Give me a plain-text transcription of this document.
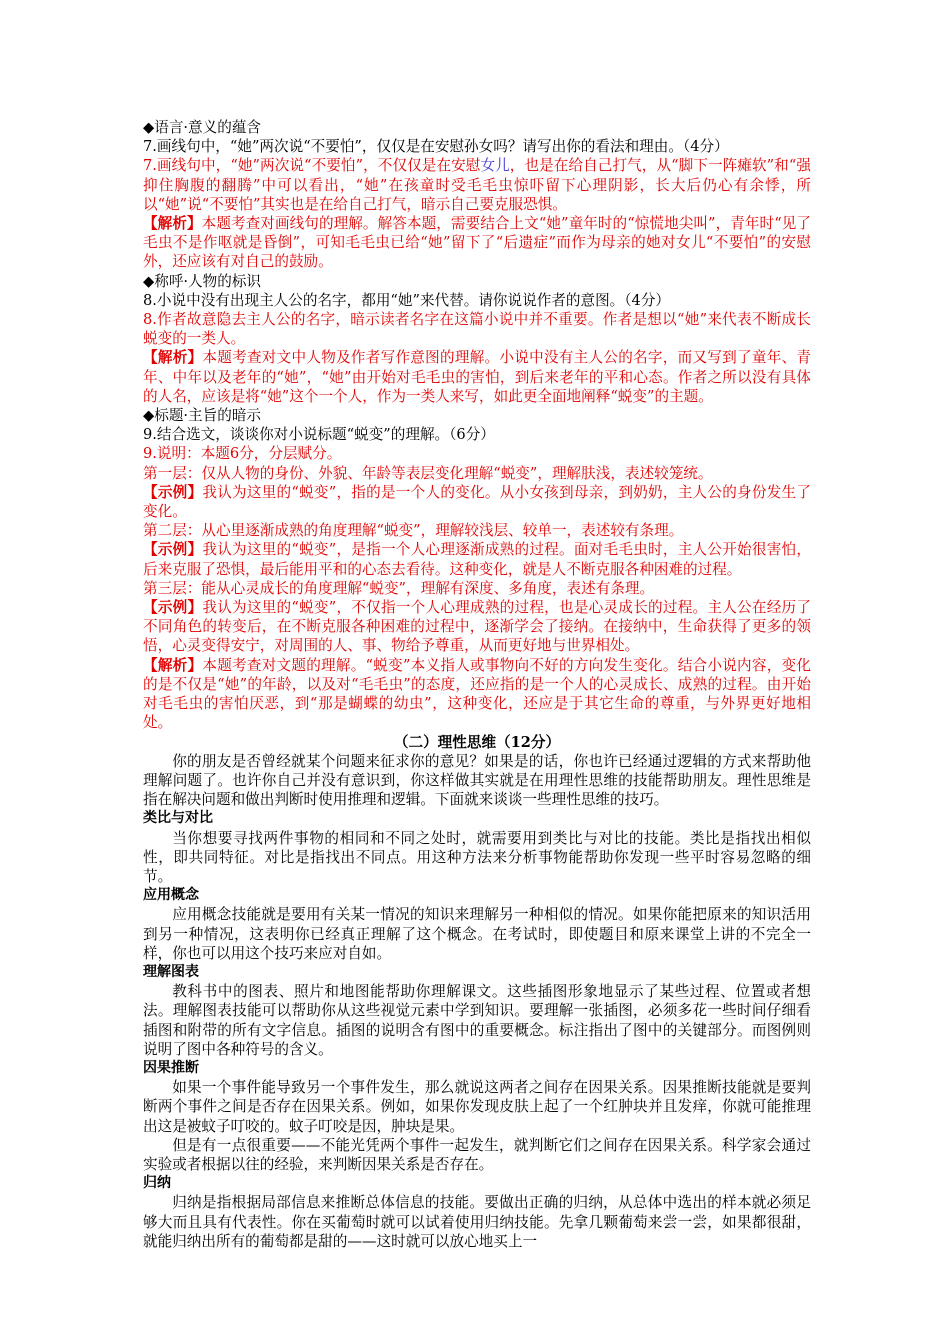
◆语言·意义的蕴含

7.画线句中，“她”两次说“不要怕”，仅仅是在安慰孙女吗？请写出你的看法和理由。（4分）

7.画线句中，“她”两次说“不要怕”，不仅仅是在安慰女儿，也是在给自己打气，从“脚下一阵瘫软”和“强抑住胸腹的翻腾”中可以看出，“她”在孩童时受毛毛虫惊吓留下心理阴影，长大后仍心有余悸，所以“她”说“不要怕”其实也是在给自己打气，暗示自己要克服恐惧。

【解析】本题考查对画线句的理解。解答本题，需要结合上文“她”童年时的“惊慌地尖叫”，青年时“见了毛虫不是作呕就是昏倒”，可知毛毛虫已给“她”留下了“后遗症”而作为母亲的她对女儿“不要怕”的安慰外，还应该有对自己的鼓励。

◆称呼·人物的标识

8.小说中没有出现主人公的名字，都用“她”来代替。请你说说作者的意图。（4分）

8.作者故意隐去主人公的名字，暗示读者名字在这篇小说中并不重要。作者是想以“她”来代表不断成长蜕变的一类人。

【解析】本题考查对文中人物及作者写作意图的理解。小说中没有主人公的名字，而又写到了童年、青年、中年以及老年的“她”，“她”由开始对毛毛虫的害怕，到后来老年的平和心态。作者之所以没有具体的人名，应该是将“她”这个一个人，作为一类人来写，如此更全面地阐释“蜕变”的主题。

◆标题·主旨的暗示

9.结合选文，谈谈你对小说标题“蜕变”的理解。（6分）

9.说明：本题6分，分层赋分。

第一层：仅从人物的身份、外貌、年龄等表层变化理解“蜕变”，理解肤浅，表述较笼统。

【示例】我认为这里的“蜕变”，指的是一个人的变化。从小女孩到母亲，到奶奶，主人公的身份发生了变化。

第二层：从心里逐渐成熟的角度理解“蜕变”，理解较浅层、较单一，表述较有条理。

【示例】我认为这里的“蜕变”，是指一个人心理逐渐成熟的过程。面对毛毛虫时，主人公开始很害怕，后来克服了恐惧，最后能用平和的心态去看待。这种变化，就是人不断克服各种困难的过程。

第三层：能从心灵成长的角度理解“蜕变”，理解有深度、多角度，表述有条理。

【示例】我认为这里的“蜕变”，不仅指一个人心理成熟的过程，也是心灵成长的过程。主人公在经历了不同角色的转变后，在不断克服各种困难的过程中，逐渐学会了接纳。在接纳中，生命获得了更多的领悟，心灵变得安宁，对周围的人、事、物给予尊重，从而更好地与世界相处。

【解析】本题考查对文题的理解。“蜕变”本义指人或事物向不好的方向发生变化。结合小说内容，变化的是不仅是“她”的年龄，以及对“毛毛虫”的态度，还应指的是一个人的心灵成长、成熟的过程。由开始对毛毛虫的害怕厌恶，到“那是蝴蝶的幼虫”，这种变化，还应是于其它生命的尊重，与外界更好地相处。

（二）理性思维（12分）

你的朋友是否曾经就某个问题来征求你的意见？如果是的话，你也许已经通过逻辑的方式来帮助他理解问题了。也许你自己并没有意识到，你这样做其实就是在用理性思维的技能帮助朋友。理性思维是指在解决问题和做出判断时使用推理和逻辑。下面就来谈谈一些理性思维的技巧。

类比与对比

当你想要寻找两件事物的相同和不同之处时，就需要用到类比与对比的技能。类比是指找出相似性，即共同特征。对比是指找出不同点。用这种方法来分析事物能帮助你发现一些平时容易忽略的细节。

应用概念

应用概念技能就是要用有关某一情况的知识来理解另一种相似的情况。如果你能把原来的知识活用到另一种情况，这表明你已经真正理解了这个概念。在考试时，即使题目和原来课堂上讲的不完全一样，你也可以用这个技巧来应对自如。

理解图表

教科书中的图表、照片和地图能帮助你理解课文。这些插图形象地显示了某些过程、位置或者想法。理解图表技能可以帮助你从这些视觉元素中学到知识。要理解一张插图，必须多花一些时间仔细看插图和附带的所有文字信息。插图的说明含有图中的重要概念。标注指出了图中的关键部分。而图例则说明了图中各种符号的含义。

因果推断

如果一个事件能导致另一个事件发生，那么就说这两者之间存在因果关系。因果推断技能就是要判断两个事件之间是否存在因果关系。例如，如果你发现皮肤上起了一个红肿块并且发痒，你就可能推理出这是被蚊子叮咬的。蚊子叮咬是因，肿块是果。

但是有一点很重要——不能光凭两个事件一起发生，就判断它们之间存在因果关系。科学家会通过实验或者根据以往的经验，来判断因果关系是否存在。

归纳

归纳是指根据局部信息来推断总体信息的技能。要做出正确的归纳，从总体中选出的样本就必须足够大而且具有代表性。你在买葡萄时就可以试着使用归纳技能。先拿几颗葡萄来尝一尝，如果都很甜，就能归纳出所有的葡萄都是甜的——这时就可以放心地买上一
